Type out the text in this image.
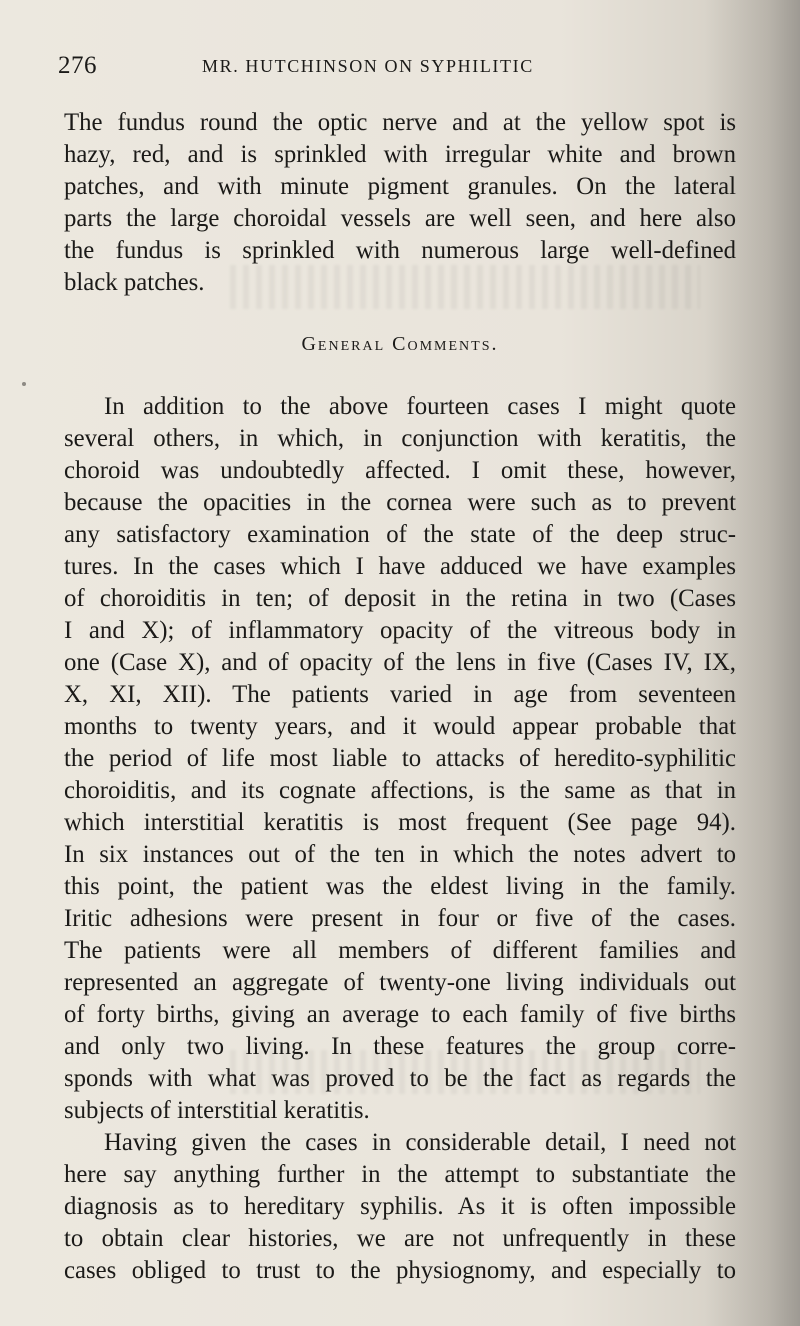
276	MR. HUTCHINSON ON SYPHILITIC
The fundus round the optic nerve and at the yellow spot is
hazy, red, and is sprinkled with irregular white and brown
patches, and with minute pigment granules. On the lateral
parts the large choroidal vessels are well seen, and here also
the fundus is sprinkled with numerous large well-defined
black patches.
General Comments.
In addition to the above fourteen cases I might quote
several others, in which, in conjunction with keratitis, the
choroid was undoubtedly affected. I omit these, however,
because the opacities in the cornea were such as to prevent
any satisfactory examination of the state of the deep struc-
tures. In the cases which I have adduced we have examples
of choroiditis in ten; of deposit in the retina in two (Cases
I and X); of inflammatory opacity of the vitreous body in
one (Case X), and of opacity of the lens in five (Cases IV, IX,
X, XI, XII). The patients varied in age from seventeen
months to twenty years, and it would appear probable that
the period of life most liable to attacks of heredito-syphilitic
choroiditis, and its cognate affections, is the same as that in
which interstitial keratitis is most frequent (See page 94).
In six instances out of the ten in which the notes advert to
this point, the patient was the eldest living in the family.
Iritic adhesions were present in four or five of the cases.
The patients were all members of different families and
represented an aggregate of twenty-one living individuals out
of forty births, giving an average to each family of five births
and only two living. In these features the group corre-
sponds with what was proved to be the fact as regards the
subjects of interstitial keratitis.
Having given the cases in considerable detail, I need not
here say anything further in the attempt to substantiate the
diagnosis as to hereditary syphilis. As it is often impossible
to obtain clear histories, we are not unfrequently in these
cases obliged to trust to the physiognomy, and especially to
